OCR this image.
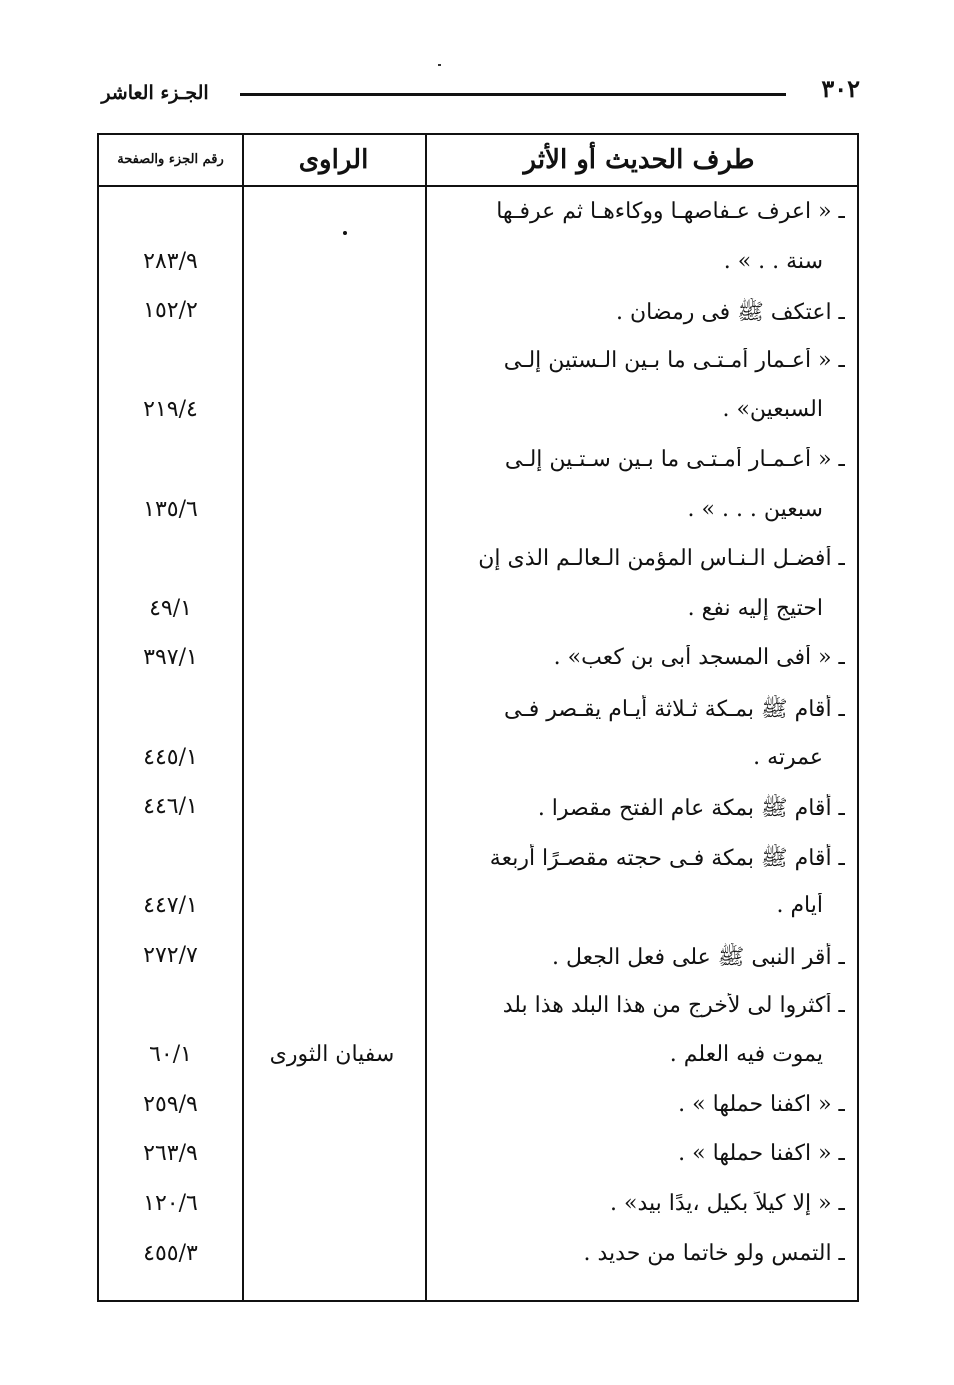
٣٠٢
الجـزء العاشر
طرف الحديث أو الأثر
الراوى
رقم الجزء والصفحة
ـ « اعرف عـفاصهـا ووكاءهـا ثم عرفـها
سنة . . » .
٢٨٣/٩
ـ اعتكف ﷺ فى رمضان .
١٥٢/٢
ـ « أعـمار أمـتـى ما بـين الـستين إلـى
السبعين» .
٢١٩/٤
ـ « أعـمـار أمـتـى ما بـين سـتـين إلـى
سبعين . . . » .
١٣٥/٦
ـ أفضـل الـنـاس المؤمن الـعالـم الذى إن
احتيج إليه نفع .
٤٩/١
ـ « أفى المسجد أبى بن كعب» .
٣٩٧/١
ـ أقام ﷺ بمـكة ثـلاثة أيـام يقـصر فـى
عمرته .
٤٤٥/١
ـ أقام ﷺ بمكة عام الفتح مقصرا .
٤٤٦/١
ـ أقام ﷺ بمكة فـى حجته مقصـرًا أربعة
أيام .
٤٤٧/١
ـ أقر النبى ﷺ على فعل الجعل .
٢٧٢/٧
ـ أكثروا لى لأخرج من هذا البلد هذا بلد
يموت فيه العلم .
٦٠/١	سفيان الثورى
ـ « اكفنا حملها » .
٢٥٩/٩
ـ « اكفنا حملها » .
٢٦٣/٩
ـ « إلا كيلاً بكيل ،يدًا بيد» .
١٢٠/٦
ـ التمس ولو خاتما من حديد .
٤٥٥/٣
